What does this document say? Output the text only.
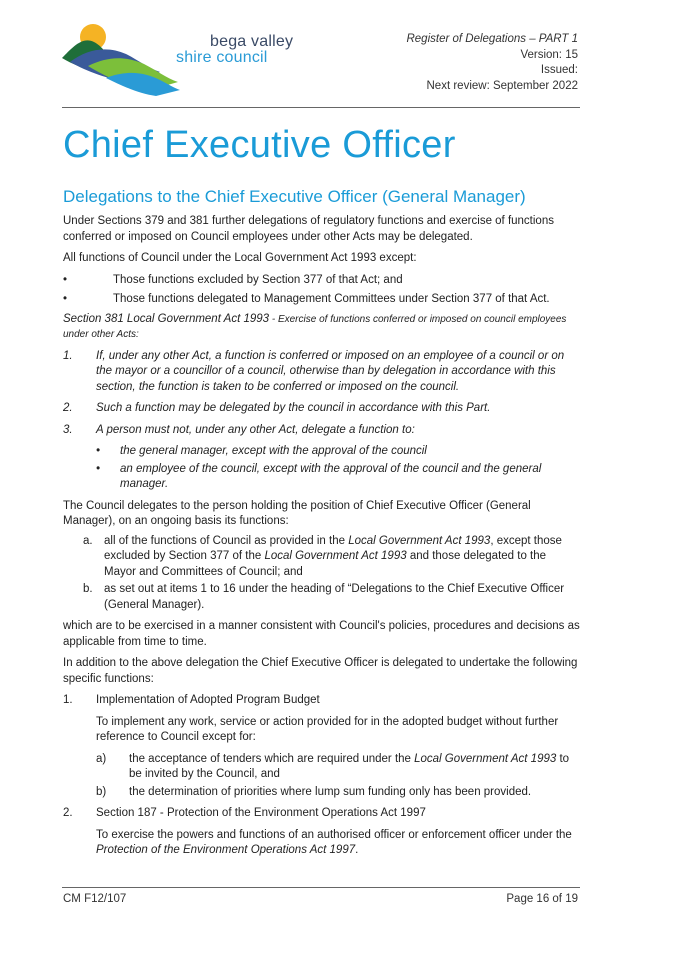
bega valley
shire council
Register of Delegations – PART 1
Version: 15
Issued:
Next review: September 2022
Chief Executive Officer
Delegations to the Chief Executive Officer (General Manager)

Under Sections 379 and 381 further delegations of regulatory functions and exercise of functions conferred or imposed on Council employees under other Acts may be delegated.

All functions of Council under the Local Government Act 1993 except:

•	Those functions excluded by Section 377 of that Act; and
•	Those functions delegated to Management Committees under Section 377 of that Act.

Section 381 Local Government Act 1993 - Exercise of functions conferred or imposed on council employees under other Acts:

1.	If, under any other Act, a function is conferred or imposed on an employee of a council or on the mayor or a councillor of a council, otherwise than by delegation in accordance with this section, the function is taken to be conferred or imposed on the council.
2.	Such a function may be delegated by the council in accordance with this Part.
3.	A person must not, under any other Act, delegate a function to:
•	the general manager, except with the approval of the council
•	an employee of the council, except with the approval of the council and the general manager.

The Council delegates to the person holding the position of Chief Executive Officer (General Manager), on an ongoing basis its functions:

a. all of the functions of Council as provided in the Local Government Act 1993, except those excluded by Section 377 of the Local Government Act 1993 and those delegated to the Mayor and Committees of Council; and
b. as set out at items 1 to 16 under the heading of “Delegations to the Chief Executive Officer (General Manager).

which are to be exercised in a manner consistent with Council's policies, procedures and decisions as applicable from time to time.

In addition to the above delegation the Chief Executive Officer is delegated to undertake the following specific functions:

1.	Implementation of Adopted Program Budget

To implement any work, service or action provided for in the adopted budget without further reference to Council except for:

a)	the acceptance of tenders which are required under the Local Government Act 1993 to be invited by the Council, and
b)	the determination of priorities where lump sum funding only has been provided.
2.	Section 187 - Protection of the Environment Operations Act 1997

To exercise the powers and functions of an authorised officer or enforcement officer under the Protection of the Environment Operations Act 1997.

CM F12/107	Page 16 of 19
